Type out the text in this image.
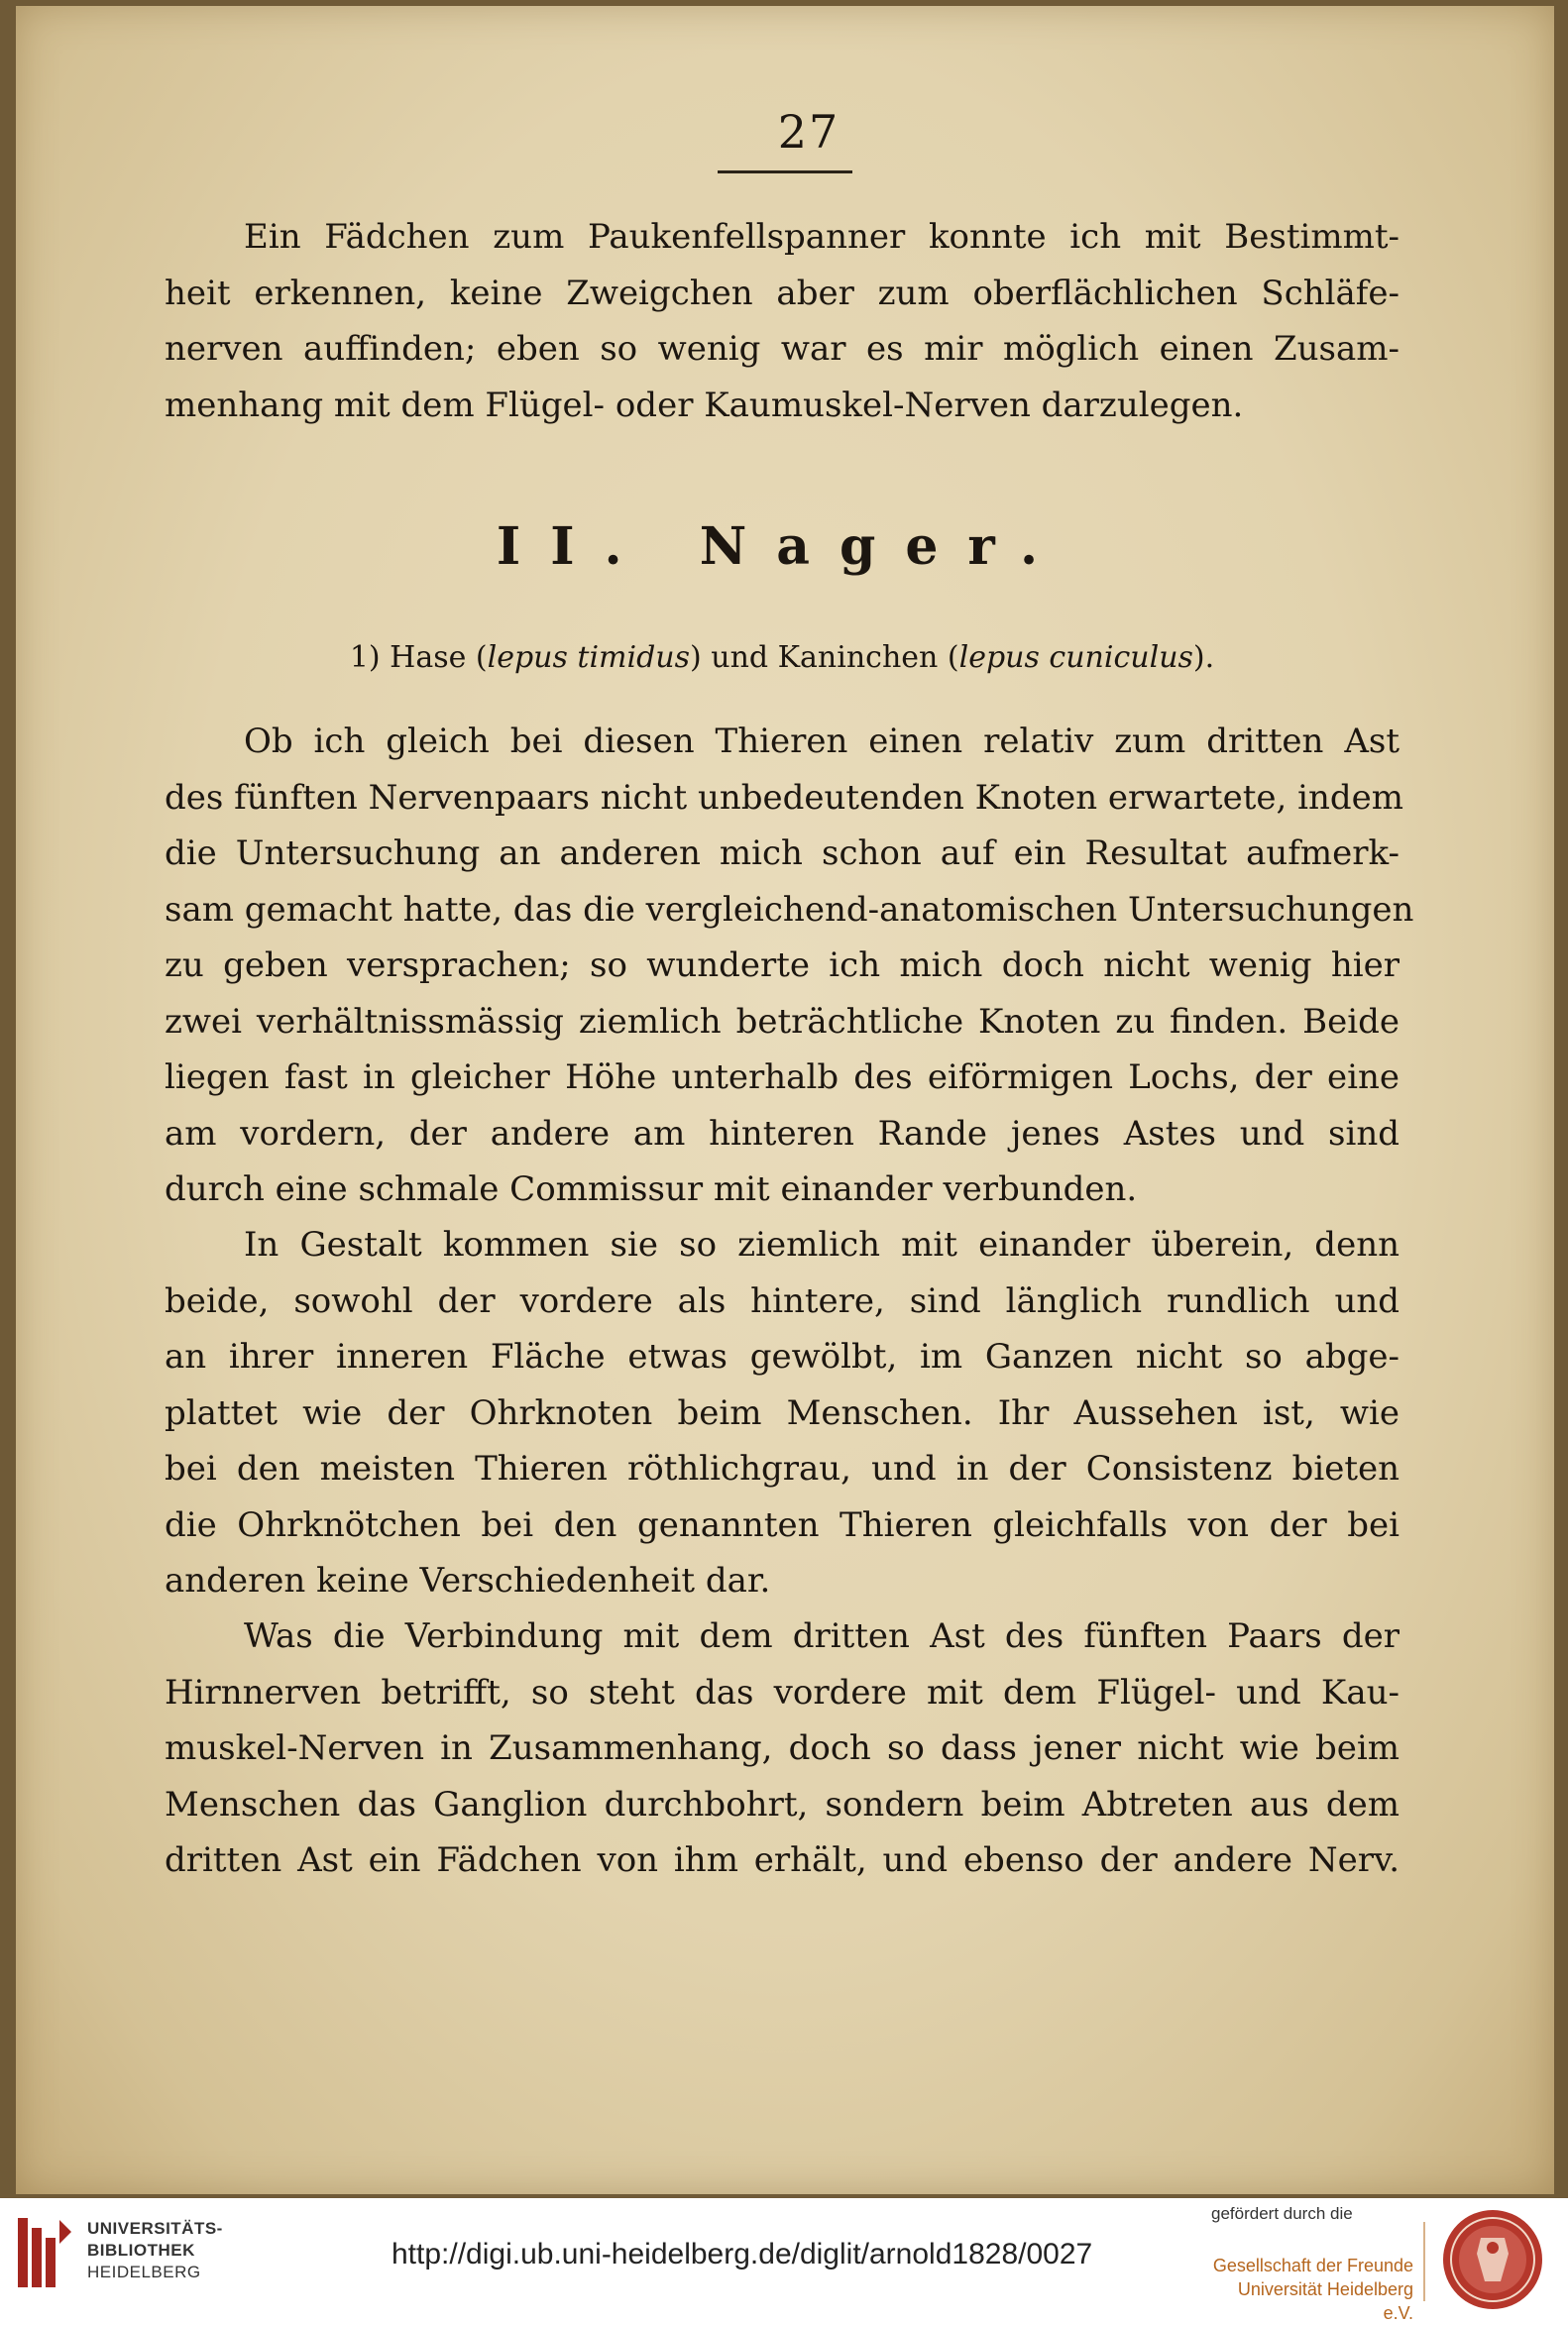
27
Ein Fädchen zum Paukenfellspanner konnte ich mit Bestimmt-
heit erkennen, keine Zweigchen aber zum oberflächlichen Schläfe-
nerven auffinden; eben so wenig war es mir möglich einen Zusam-
menhang mit dem Flügel- oder Kaumuskel-Nerven darzulegen.
II. Nager.
1) Hase (lepus timidus) und Kaninchen (lepus cuniculus).
Ob ich gleich bei diesen Thieren einen relativ zum dritten Ast
des fünften Nervenpaars nicht unbedeutenden Knoten erwartete, indem
die Untersuchung an anderen mich schon auf ein Resultat aufmerk-
sam gemacht hatte, das die vergleichend-anatomischen Untersuchungen
zu geben versprachen; so wunderte ich mich doch nicht wenig hier
zwei verhältnissmässig ziemlich beträchtliche Knoten zu finden. Beide
liegen fast in gleicher Höhe unterhalb des eiförmigen Lochs, der eine
am vordern, der andere am hinteren Rande jenes Astes und sind
durch eine schmale Commissur mit einander verbunden.
In Gestalt kommen sie so ziemlich mit einander überein, denn
beide, sowohl der vordere als hintere, sind länglich rundlich und
an ihrer inneren Fläche etwas gewölbt, im Ganzen nicht so abge-
plattet wie der Ohrknoten beim Menschen. Ihr Aussehen ist, wie
bei den meisten Thieren röthlichgrau, und in der Consistenz bieten
die Ohrknötchen bei den genannten Thieren gleichfalls von der bei
anderen keine Verschiedenheit dar.
Was die Verbindung mit dem dritten Ast des fünften Paars der
Hirnnerven betrifft, so steht das vordere mit dem Flügel- und Kau-
muskel-Nerven in Zusammenhang, doch so dass jener nicht wie beim
Menschen das Ganglion durchbohrt, sondern beim Abtreten aus dem
dritten Ast ein Fädchen von ihm erhält, und ebenso der andere Nerv.
UNIVERSITÄTS-
BIBLIOTHEK
HEIDELBERG
http://digi.ub.uni-heidelberg.de/diglit/arnold1828/0027
gefördert durch die
Gesellschaft der Freunde
Universität Heidelberg e.V.
